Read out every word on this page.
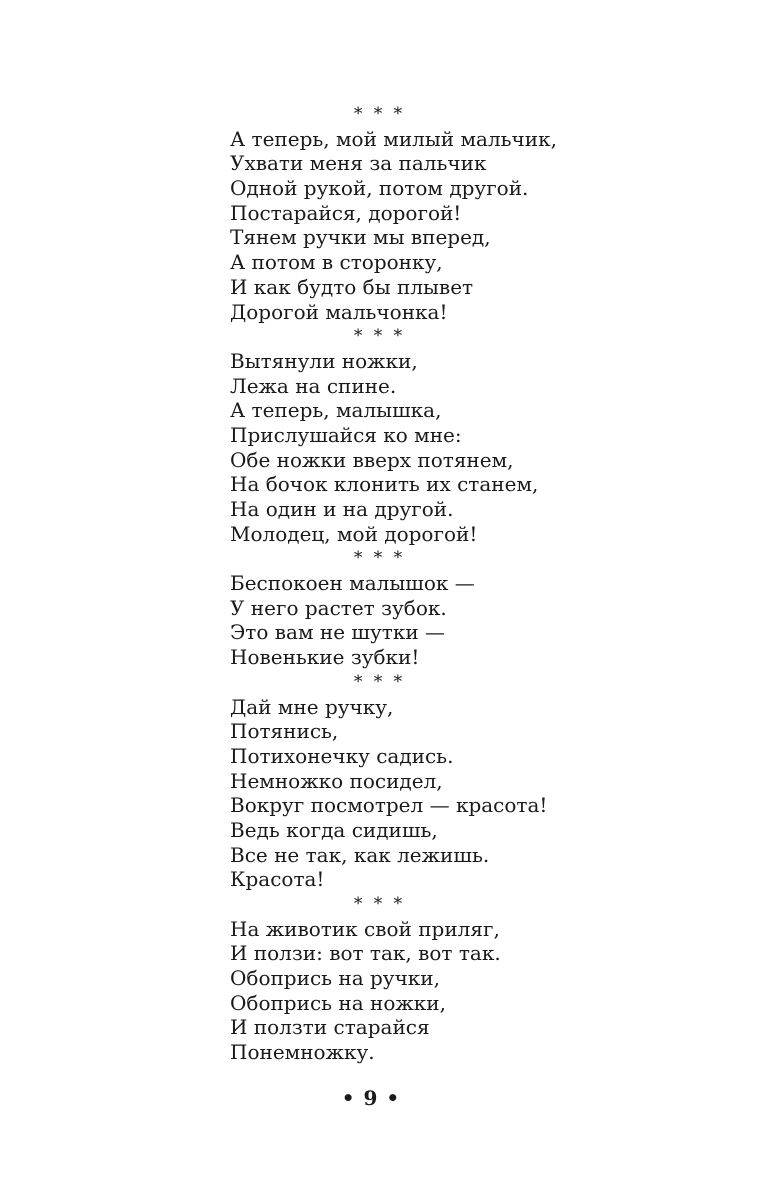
* * *
А теперь, мой милый мальчик,
Ухвати меня за пальчик
Одной рукой, потом другой.
Постарайся, дорогой!
Тянем ручки мы вперед,
А потом в сторонку,
И как будто бы плывет
Дорогой мальчонка!
* * *
Вытянули ножки,
Лежа на спине.
А теперь, малышка,
Прислушайся ко мне:
Обе ножки вверх потянем,
На бочок клонить их станем,
На один и на другой.
Молодец, мой дорогой!
* * *
Беспокоен малышок —
У него растет зубок.
Это вам не шутки —
Новенькие зубки!
* * *
Дай мне ручку,
Потянись,
Потихонечку садись.
Немножко посидел,
Вокруг посмотрел — красота!
Ведь когда сидишь,
Все не так, как лежишь.
Красота!
* * *
На животик свой приляг,
И ползи: вот так, вот так.
Обопрись на ручки,
Обопрись на ножки,
И ползти старайся
Понемножку.
• 9 •
